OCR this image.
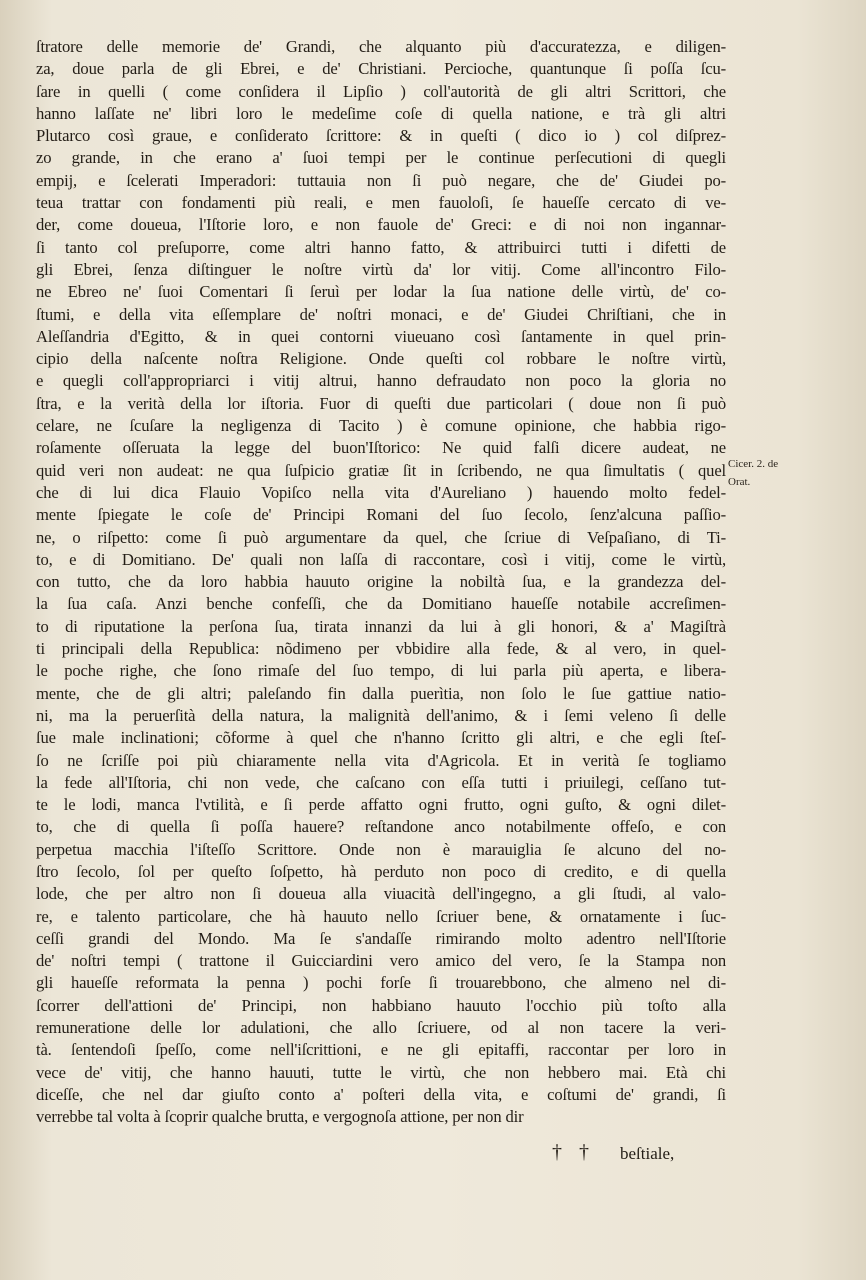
ſtratore delle memorie de' Grandi, che alquanto più d'accuratezza, e diligen-
za, doue parla de gli Ebrei, e de' Christiani. Percioche, quantunque ſi poſſa ſcu-
ſare in quelli ( come conſidera il Lipſio ) coll'autorità de gli altri Scrittori, che
hanno laſſate ne' libri loro le medeſime coſe di quella natione, e trà gli altri
Plutarco così graue, e conſiderato ſcrittore: & in queſti ( dico io ) col diſprez-
zo grande, in che erano a' ſuoi tempi per le continue perſecutioni di quegli
empij, e ſcelerati Imperadori: tuttauia non ſi può negare, che de' Giudei po-
teua trattar con fondamenti più reali, e men fauoloſi, ſe haueſſe cercato di ve-
der, come doueua, l'Iſtorie loro, e non fauole de' Greci: e di noi non ingannar-
ſi tanto col preſuporre, come altri hanno fatto, & attribuirci tutti i difetti de
gli Ebrei, ſenza diſtinguer le noſtre virtù da' lor vitij. Come all'incontro Filo-
ne Ebreo ne' ſuoi Comentari ſi ſeruì per lodar la ſua natione delle virtù, de' co-
ſtumi, e della vita eſſemplare de' noſtri monaci, e de' Giudei Chriſtiani, che in
Aleſſandria d'Egitto, & in quei contorni viueuano così ſantamente in quel prin-
cipio della naſcente noſtra Religione. Onde queſti col robbare le noſtre virtù,
e quegli coll'appropriarci i vitij altrui, hanno defraudato non poco la gloria no
ſtra, e la verità della lor iſtoria. Fuor di queſti due particolari ( doue non ſi può
celare, ne ſcuſare la negligenza di Tacito ) è comune opinione, che habbia rigo-
roſamente oſſeruata la legge del buon'Iſtorico: Ne quid falſi dicere audeat, ne
quid veri non audeat: ne qua ſuſpicio gratiæ ſit in ſcribendo, ne qua ſimultatis ( quel
che di lui dica Flauio Vopiſco nella vita d'Aureliano ) hauendo molto fedel-
mente ſpiegate le coſe de' Principi Romani del ſuo ſecolo, ſenz'alcuna paſſio-
ne, o riſpetto: come ſi può argumentare da quel, che ſcriue di Veſpaſiano, di Ti-
to, e di Domitiano. De' quali non laſſa di raccontare, così i vitij, come le virtù,
con tutto, che da loro habbia hauuto origine la nobiltà ſua, e la grandezza del-
la ſua caſa. Anzi benche confeſſi, che da Domitiano haueſſe notabile accreſimen-
to di riputatione la perſona ſua, tirata innanzi da lui à gli honori, & a' Magiſtrà
ti principali della Republica: nõdimeno per vbbidire alla fede, & al vero, in quel-
le poche righe, che ſono rimaſe del ſuo tempo, di lui parla più aperta, e libera-
mente, che de gli altri; paleſando fin dalla puerìtia, non ſolo le ſue gattiue natio-
ni, ma la peruerſità della natura, la malignità dell'animo, & i ſemi veleno ſi delle
ſue male inclinationi; cõforme à quel che n'hanno ſcritto gli altri, e che egli ſteſ-
ſo ne ſcriſſe poi più chiaramente nella vita d'Agricola. Et in verità ſe togliamo
la fede all'Iſtoria, chi non vede, che caſcano con eſſa tutti i priuilegi, ceſſano tut-
te le lodi, manca l'vtilità, e ſi perde affatto ogni frutto, ogni guſto, & ogni dilet-
to, che di quella ſi poſſa hauere? reſtandone anco notabilmente offeſo, e con
perpetua macchia l'iſteſſo Scrittore. Onde non è marauiglia ſe alcuno del no-
ſtro ſecolo, ſol per queſto ſoſpetto, hà perduto non poco di credito, e di quella
lode, che per altro non ſi doueua alla viuacità dell'ingegno, a gli ſtudi, al valo-
re, e talento particolare, che hà hauuto nello ſcriuer bene, & ornatamente i ſuc-
ceſſi grandi del Mondo. Ma ſe s'andaſſe rimirando molto adentro nell'Iſtorie
de' noſtri tempi ( trattone il Guicciardini vero amico del vero, ſe la Stampa non
gli haueſſe reformata la penna ) pochi forſe ſi trouarebbono, che almeno nel di-
ſcorrer dell'attioni de' Principi, non habbiano hauuto l'occhio più toſto alla
remuneratione delle lor adulationi, che allo ſcriuere, od al non tacere la veri-
tà. ſentendoſi ſpeſſo, come nell'iſcrittioni, e ne gli epitaffi, raccontar per loro in
vece de' vitij, che hanno hauuti, tutte le virtù, che non hebbero mai. Età chi
diceſſe, che nel dar giuſto conto a' poſteri della vita, e coſtumi de' grandi, ſi
verrebbe tal volta à ſcoprir qualche brutta, e vergognoſa attione, per non dir
Cicer. 2. de
Orat.
† † beſtiale,
